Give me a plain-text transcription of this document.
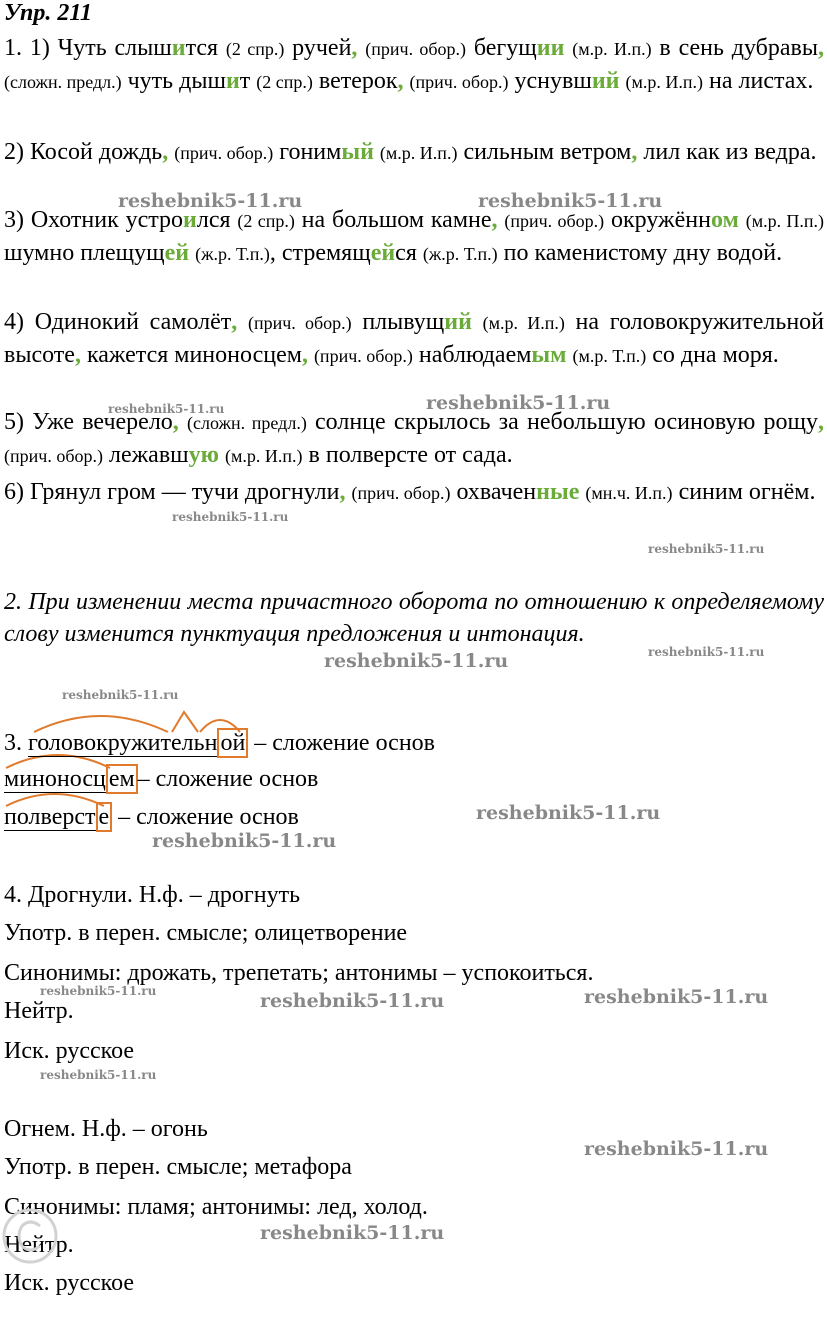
Упр. 211
1. 1) Чуть слышится (2 спр.) ручей, (прич. обор.) бегущии (м.р. И.п.) в сень дубравы, (сложн. предл.) чуть дышит (2 спр.) ветерок, (прич. обор.) уснувший (м.р. И.п.) на листах.
2) Косой дождь, (прич. обор.) гонимый (м.р. И.п.) сильным ветром, лил как из ведра.
3) Охотник устроился (2 спр.) на большом камне, (прич. обор.) окружённом (м.р. П.п.) шумно плещущей (ж.р. Т.п.), стремящейся (ж.р. Т.п.) по каменистому дну водой.
4) Одинокий самолёт, (прич. обор.) плывущий (м.р. И.п.) на головокружительной высоте, кажется миноносцем, (прич. обор.) наблюдаемым (м.р. Т.п.) со дна моря.
5) Уже вечерело, (сложн. предл.) солнце скрылось за небольшую осиновую рощу, (прич. обор.) лежавшую (м.р. И.п.) в полверсте от сада.
6) Грянул гром — тучи дрогнули, (прич. обор.) охваченные (мн.ч. И.п.) синим огнём.
2. При изменении места причастного оборота по отношению к определяемому слову изменится пунктуация предложения и интонация.
3. головокружительн ой – сложение основ
миноносц ем – сложение основ
полверст е – сложение основ
4. Дрогнули. Н.ф. – дрогнуть
Употр. в перен. смысле; олицетворение
Синонимы: дрожать, трепетать; антонимы – успокоиться.
Нейтр.
Иск. русское
Огнем. Н.ф. – огонь
Употр. в перен. смысле; метафора
Синонимы: пламя; антонимы: лед, холод.
Нейтр.
Иск. русское
reshebnik5-11.ru	reshebnik5-11.ru
reshebnik5-11.ru	reshebnik5-11.ru
reshebnik5-11.ru
reshebnik5-11.ru
reshebnik5-11.ru
reshebnik5-11.ru
reshebnik5-11.ru
reshebnik5-11.ru
reshebnik5-11.ru
reshebnik5-11.ru	reshebnik5-11.ru	reshebnik5-11.ru
reshebnik5-11.ru
reshebnik5-11.ru
reshebnik5-11.ru
